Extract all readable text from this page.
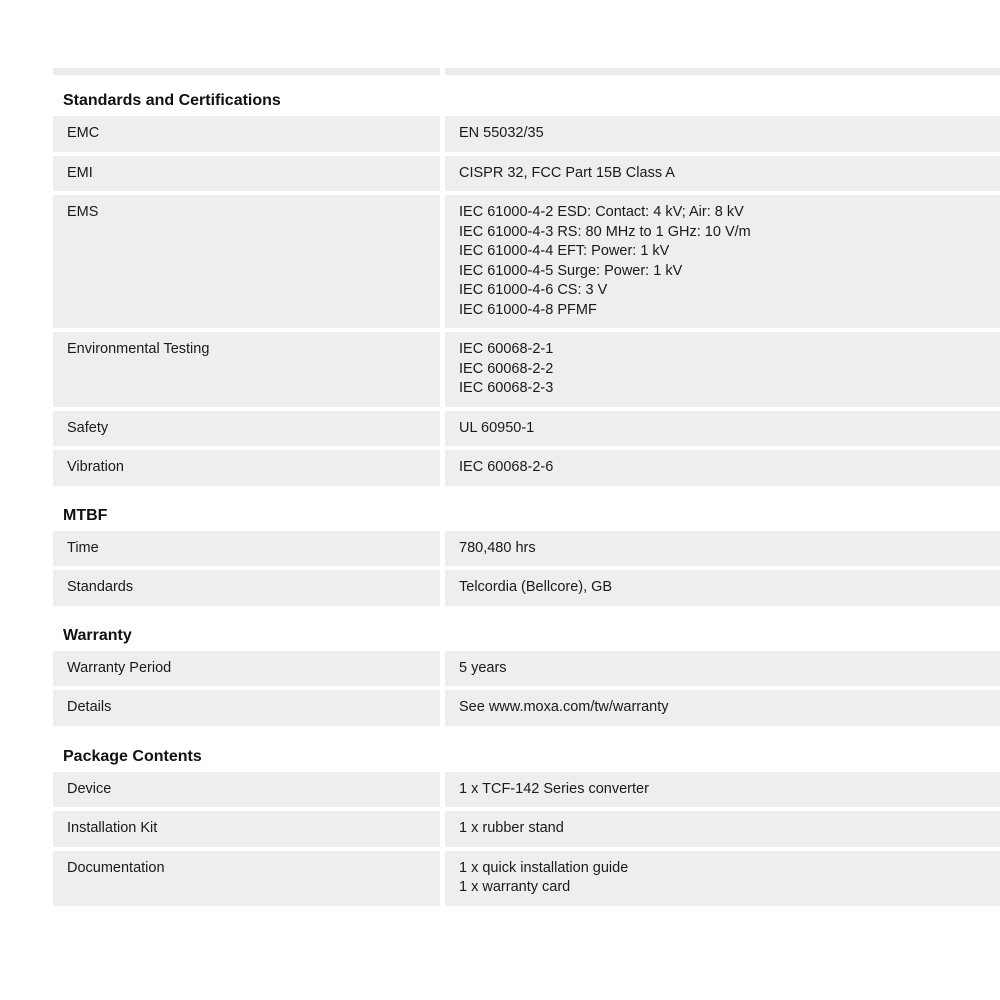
Standards and Certifications
EMC	EN 55032/35
EMI	CISPR 32, FCC Part 15B Class A
EMS	IEC 61000-4-2 ESD: Contact: 4 kV; Air: 8 kV
IEC 61000-4-3 RS: 80 MHz to 1 GHz: 10 V/m
IEC 61000-4-4 EFT: Power: 1 kV
IEC 61000-4-5 Surge: Power: 1 kV
IEC 61000-4-6 CS: 3 V
IEC 61000-4-8 PFMF
Environmental Testing	IEC 60068-2-1
IEC 60068-2-2
IEC 60068-2-3
Safety	UL 60950-1
Vibration	IEC 60068-2-6
MTBF
Time	780,480 hrs
Standards	Telcordia (Bellcore), GB
Warranty
Warranty Period	5 years
Details	See www.moxa.com/tw/warranty
Package Contents
Device	1 x TCF-142 Series converter
Installation Kit	1 x rubber stand
Documentation	1 x quick installation guide
1 x warranty card
